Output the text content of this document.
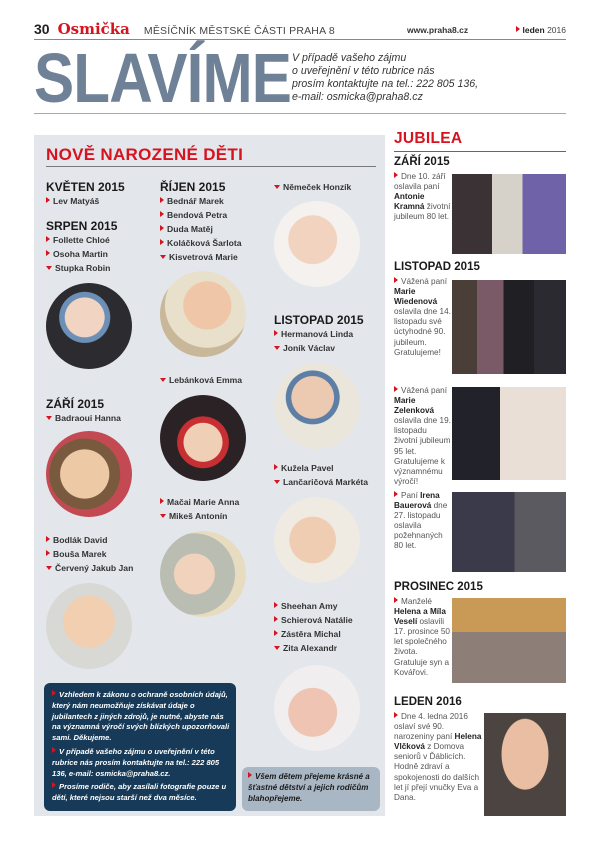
30 Osmička MĚSÍČNÍK MĚSTSKÉ ČÁSTI PRAHA 8	www.praha8.cz	leden 2016
SLAVÍME V případě vašeho zájmu
o uveřejnění v této rubrice nás
prosím kontaktujte na tel.: 222 805 136,
e-mail: osmicka@praha8.cz
NOVĚ NAROZENÉ DĚTI
KVĚTEN 2015
Lev Matyáš
SRPEN 2015
Follette Chloé
Osoha Martin
Stupka Robin
ZÁŘÍ 2015
Badraoui Hanna
Bodlák David
Bouša Marek
Červený Jakub Jan
ŘÍJEN 2015
Bednář Marek
Bendová Petra
Duda Matěj
Koláčková Šarlota
Kisvetrová Marie
Lebánková Emma
Mačai Marie Anna
Mikeš Antonín
Němeček Honzík
LISTOPAD 2015
Hermanová Linda
Joník Václav
Kužela Pavel
Lančaričová Markéta
Sheehan Amy
Schierová Natálie
Zástěra Michal
Zita Alexandr

Vzhledem k zákonu o ochraně osobních údajů, který nám neumožňuje získávat údaje o jubilantech z jiných zdrojů, je nutné, abyste nás na významná výročí svých blízkých upozorňovali sami. Děkujeme.

V případě vašeho zájmu o uveřejnění v této rubrice nás prosím kontaktujte na tel.: 222 805 136, e-mail: osmicka@praha8.cz.

Prosíme rodiče, aby zasílali fotografie pouze u dětí, které nejsou starší než dva měsíce.

Všem dětem přejeme krásné a šťastné dětství a jejich rodičům blahopřejeme.
JUBILEA
ZÁŘÍ 2015
Dne 10. září oslavila paní Antonie Kramná životní jubileum 80 let.
LISTOPAD 2015
Vážená paní Marie Wiedenová oslavila dne 14. listopadu své úctyhodné 90. jubileum. Gratulujeme!
Vážená paní Marie Zelenková oslavila dne 19. listopadu životní jubileum 95 let. Gratulujeme k významnému výročí!
Paní Irena Bauerová dne 27. listopadu oslavila požehnaných 80 let.
PROSINEC 2015
Manželé Helena a Míla Veselí oslavili 17. prosince 50 let společného života. Gratuluje syn a Kovářovi.
LEDEN 2016
Dne 4. ledna 2016 oslaví své 90. narozeniny paní Helena Vlčková z Domova seniorů v Ďáblicích. Hodně zdraví a spokojenosti do dalších let jí přejí vnučky Eva a Dana.
